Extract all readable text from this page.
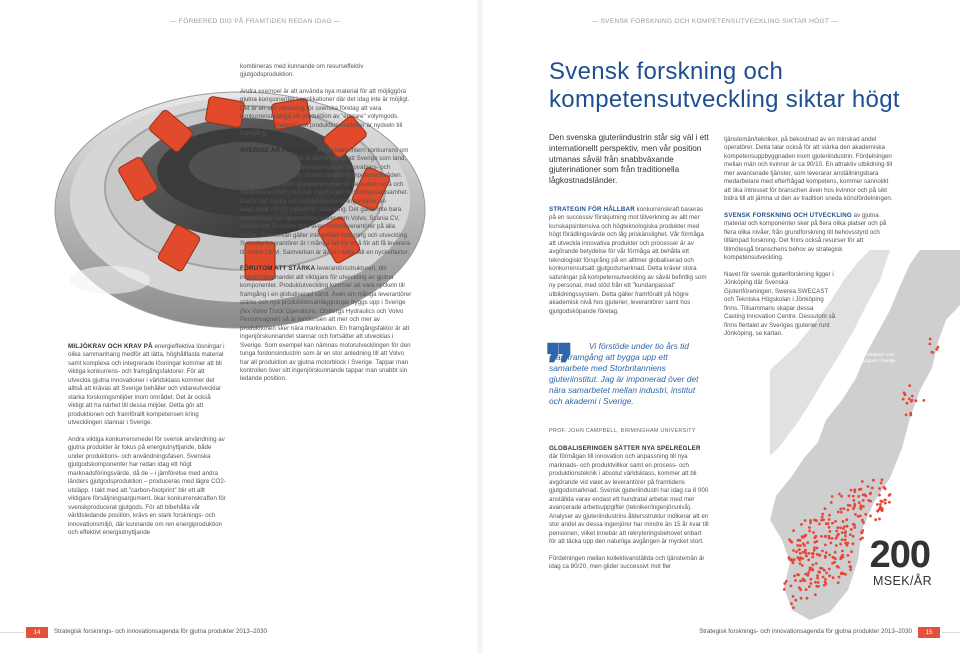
— FÖRBERED DIG PÅ FRAMTIDEN REDAN IDAG —	— SVENSK FORSKNING OCH KOMPETENSUTVECKLING SIKTAR HÖGT —

MILJÖKRAV OCH KRAV PÅ energieffektiva lösningar i olika sammanhang medför att lätta, höghållfasta material samt komplexa och integrerade lösningar kommer att bli viktiga konkurrens- och framgångsfaktorer. För att utveckla gjutna innovationer i världsklass kommer det alltså att krävas att Sverige behåller och vidareutvecklar starka forskningsmiljöer inom området. Det är också viktigt att ha närhet till dessa miljöer. Detta gör att produktionen och framförallt kompetensen kring utvecklingen stannar i Sverige.

Andra viktiga konkurrensmedel för svensk användning av gjutna produkter är fokus på energiutnyttjande, både under produktions- och användningsfasen. Svenska gjutgodskomponenter har redan idag ett högt marknadsföringsvärde, då de – i jämförelse med andra länders gjutgodsproduktion – produceras med lägre CO2-utsläpp. I takt med att "carbon-footprint" blir ett allt viktigare försäljningsargument, ökar konkurrenskraften för svenskproducerat gjutgods. För att bibehålla vår världsledande position, krävs en stark forsknings- och innovationsmiljö, där kunnande om ren energiproduktion och effektivt energiutnyttjande

kombineras med kunnande om resurseffektiv gjutgodsproduktion.

Andra exempel är att använda nya material för att möjliggöra gjutna komponenter i applikationer där det idag inte är möjligt. Det är en stor utmaning för svenska företag att vara konkurrenskraftiga vid produktion av "enklare" volymgods. Avancerade material och produktionsmetoder är nyckeln till framgång.

SVERIGE ÄR FÖR LITET för att klara intern konkurrens om forskningsresurser. Det är därför viktigt att Sverige som land, etablerar starka sektorsöverskridande innovations- och forskningsmiljöer inom särskilt utvalda kompetensområden. Många företag inom gjuteribranschen är dessutom små och medelstora (SME) och har ingen egen forskningsverksamhet. Därför har starka och etablerade forskningsmiljöer en avgörande roll för industrins utveckling. Det gäller inte bara utvecklingen av systemintegratörer som Volvo, Scania CV, Vestas och Ericsson utan även underleverantörer på alla nivåer. Samverkan gäller inte enbart forskning och utveckling. Svenska leverantörer är i många fall för små för att få leverera till större OEM. Samverkan är även i detta fall en nyckelfaktor.

FÖRUTOM ATT STÄRKA leverantörsstrukturen, blir ingenjörskunnandet allt viktigare för utveckling av gjutna komponenter. Produktutveckling kommer att vara nyckeln till framgång i en globaliserad värld. Även om många leverantörer stärks och nya produktionsanläggningar byggs upp i Sverige (fex Volvo Truck Operations, Olsbergs Hydraulics och Volvo Personvagnar) så är tendensen att mer och mer av produktionen sker nära marknaden. En framgångsfaktor är att ingenjörskunnandet stannar och fortsätter att utvecklas i Sverige. Som exempel kan nämnas motorutvecklingen för den tunga fordonsindustrin som är en stor anledning till att Volvo har all produktion av gjutna motorblock i Sverige. Tappar man kontrollen över sitt ingenjörskunnande tappar man snabbt sin ledande position.

Svensk forskning och kompetensutveckling siktar högt
Den svenska gjuteriindustrin står sig väl i ett internationellt perspektiv, men vår position utmanas såväl från snabbväxande gjuterinationer som från traditionella lågkostnadsländer.

STRATEGIN FÖR HÅLLBAR konkurrenskraft baseras på en successiv förskjutning mot tillverkning av allt mer kunskapsintensiva och högteknologiska produkter med högt förädlingsvärde och låg priskänslighet. Vår förmåga att utveckla innovativa produkter och processer är av avgörande betydelse för vår förmåga att behålla ett teknologiskt försprång på en alltmer globaliserad och konkurrensutsatt gjutgodsmarknad. Detta kräver stora satsningar på kompetensutveckling av såväl befintlig som ny personal, med stöd från ett "kundanpassat" utbildningssystem. Detta gäller framförallt på högre akademisk nivå hos gjuterier, leverantörer samt hos gjutgodsköpande företag.

❞	Vi förstöde under tio års tid utan framgång att bygga upp ett samarbete med Storbritanniens gjuteriinstitut. Jag är imponerad över det nära samarbetet mellan industri, institut och akademi i Sverige.
PROF. JOHN CAMPBELL, BIRMINGHAM UNIVERSITY

GLOBALISERINGEN SÄTTER NYA SPELREGLER där förmågan till innovation och anpassning till nya marknads- och produktvillkor samt en process- och produktionsteknik i absolut världsklass, kommer att bli avgörande vid valet av leverantörer på framtidens gjutgodsmarknad. Svensk gjuteriindustri har idag ca 8 000 anställda varav endast ett hundratal arbetar med mer avancerade arbetsuppgifter (tekniker/ingenjörsnivå). Analyser av gjuteriindustrins åldersstruktur indikerar att en stor andel av dessa ingenjörer har mindre än 15 år kvar till pensionen, vilket innebär att rekryteringsbehovet enbart för att täcka upp den naturliga avgången är mycket stort.

Fördelningen mellan kollektivanställda och tjänstemän är idag ca 80/20, men glider successivt mot fler

Svensk gjuteriindustri som tillverkar gjutgods i Sverige
200
MSEK/ÅR

tjänstemän/tekniker, på bekostnad av en minskad andel operatörer. Detta talar också för att stärka den akademiska kompetensuppbyggnaden inom gjuteriindustrin. Fördelningen mellan män och kvinnor är ca 90/10. En attraktiv utbildning till mer avancerade tjänster, som leverarar anställningsbara medarbetare med efterfrågad kompetens, kommer sannolikt att öka intresset för branschen även hos kvinnor och på sikt bidra till att jämna ut den av tradition sneda könsfördelningen.

SVENSK FORSKNING OCH UTVECKLING av gjutna material och komponenter sker på flera olika platser och på flera olika nivåer, från grundforskning till behovsstyrd och tillämpad forskning. Det finns också resurser för att tillmötesgå branschens behov av strategisk kompetensutveckling.

Navet för svensk gjuteriforskning ligger i Jönköping där Svenska Gjuteriföreningen, Swerea SWECAST och Tekniska Högskolan i Jönköping finns. Tillsammans skapar dessa Casting Innovation Centre. Dessutom så finns flertalet av Sveriges gjuterier runt Jönköping, se kartan.

14	Strategisk forsknings- och innovationsagenda för gjutna produkter 2013–2030	15
Strategisk forsknings- och innovationsagenda för gjutna produkter 2013–2030
